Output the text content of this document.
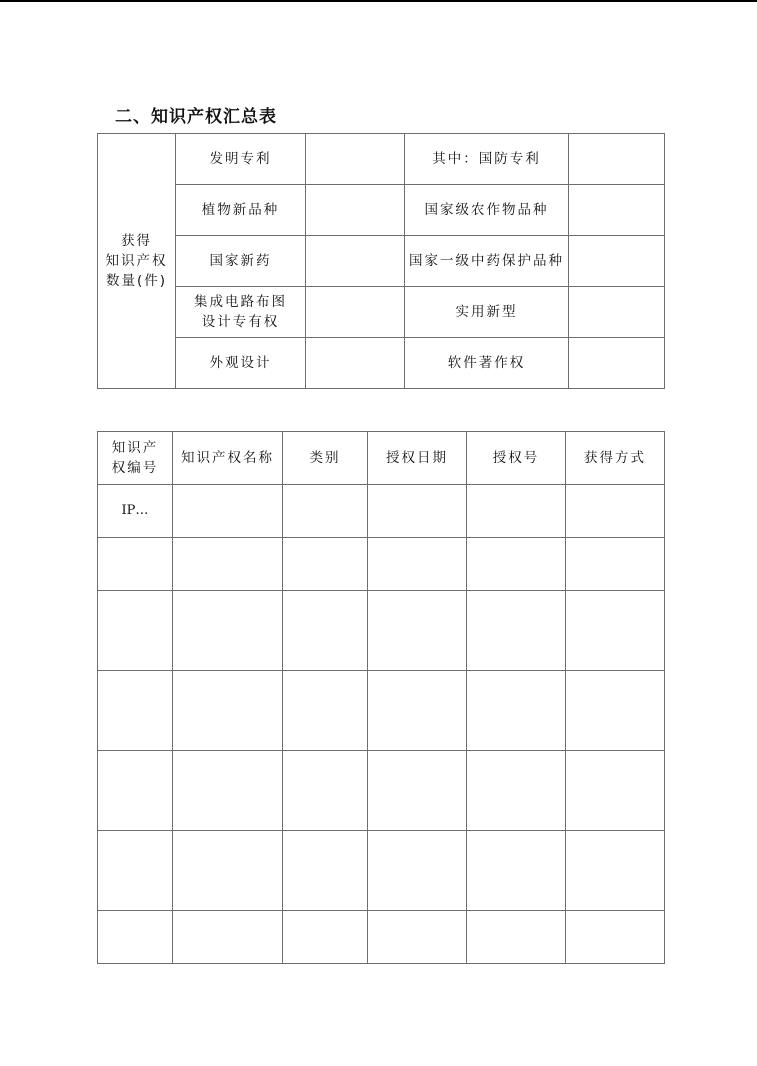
二、知识产权汇总表
获得
知识产权
数量(件)	发明专利		其中：国防专利	
	植物新品种		国家级农作物品种	
	国家新药		国家一级中药保护品种	

	集成电路布图
设计专有权		实用新型	
	外观设计		软件著作权	
知识产
权编号	知识产权名称	类别	授权日期	授权号	获得方式
IP…					
